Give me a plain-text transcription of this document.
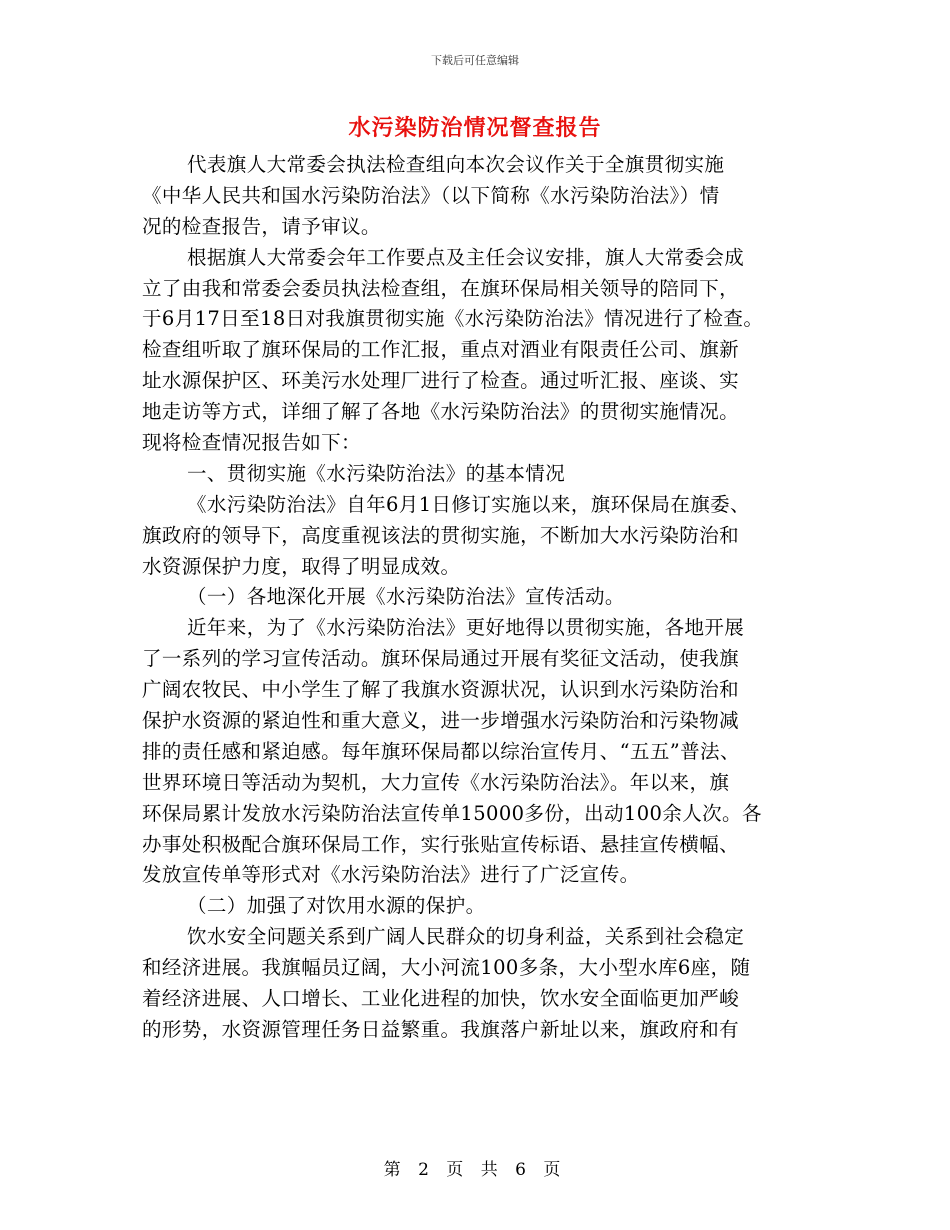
下载后可任意编辑
水污染防治情况督查报告
代表旗人大常委会执法检查组向本次会议作关于全旗贯彻实施
《中华人民共和国水污染防治法》（以下简称《水污染防治法》）情
况的检查报告，请予审议。
根据旗人大常委会年工作要点及主任会议安排，旗人大常委会成
立了由我和常委会委员执法检查组，在旗环保局相关领导的陪同下，
于6月17日至18日对我旗贯彻实施《水污染防治法》情况进行了检查。
检查组听取了旗环保局的工作汇报，重点对酒业有限责任公司、旗新
址水源保护区、环美污水处理厂进行了检查。通过听汇报、座谈、实
地走访等方式，详细了解了各地《水污染防治法》的贯彻实施情况。
现将检查情况报告如下：
一、贯彻实施《水污染防治法》的基本情况
《水污染防治法》自年6月1日修订实施以来，旗环保局在旗委、
旗政府的领导下，高度重视该法的贯彻实施，不断加大水污染防治和
水资源保护力度，取得了明显成效。
（一）各地深化开展《水污染防治法》宣传活动。
近年来，为了《水污染防治法》更好地得以贯彻实施，各地开展
了一系列的学习宣传活动。旗环保局通过开展有奖征文活动，使我旗
广阔农牧民、中小学生了解了我旗水资源状况，认识到水污染防治和
保护水资源的紧迫性和重大意义，进一步增强水污染防治和污染物减
排的责任感和紧迫感。每年旗环保局都以综治宣传月、“五五”普法、
世界环境日等活动为契机，大力宣传《水污染防治法》。年以来，旗
环保局累计发放水污染防治法宣传单15000多份，出动100余人次。各
办事处积极配合旗环保局工作，实行张贴宣传标语、悬挂宣传横幅、
发放宣传单等形式对《水污染防治法》进行了广泛宣传。
（二）加强了对饮用水源的保护。
饮水安全问题关系到广阔人民群众的切身利益，关系到社会稳定
和经济进展。我旗幅员辽阔，大小河流100多条，大小型水库6座，随
着经济进展、人口增长、工业化进程的加快，饮水安全面临更加严峻
的形势，水资源管理任务日益繁重。我旗落户新址以来，旗政府和有
第 2 页 共 6 页
